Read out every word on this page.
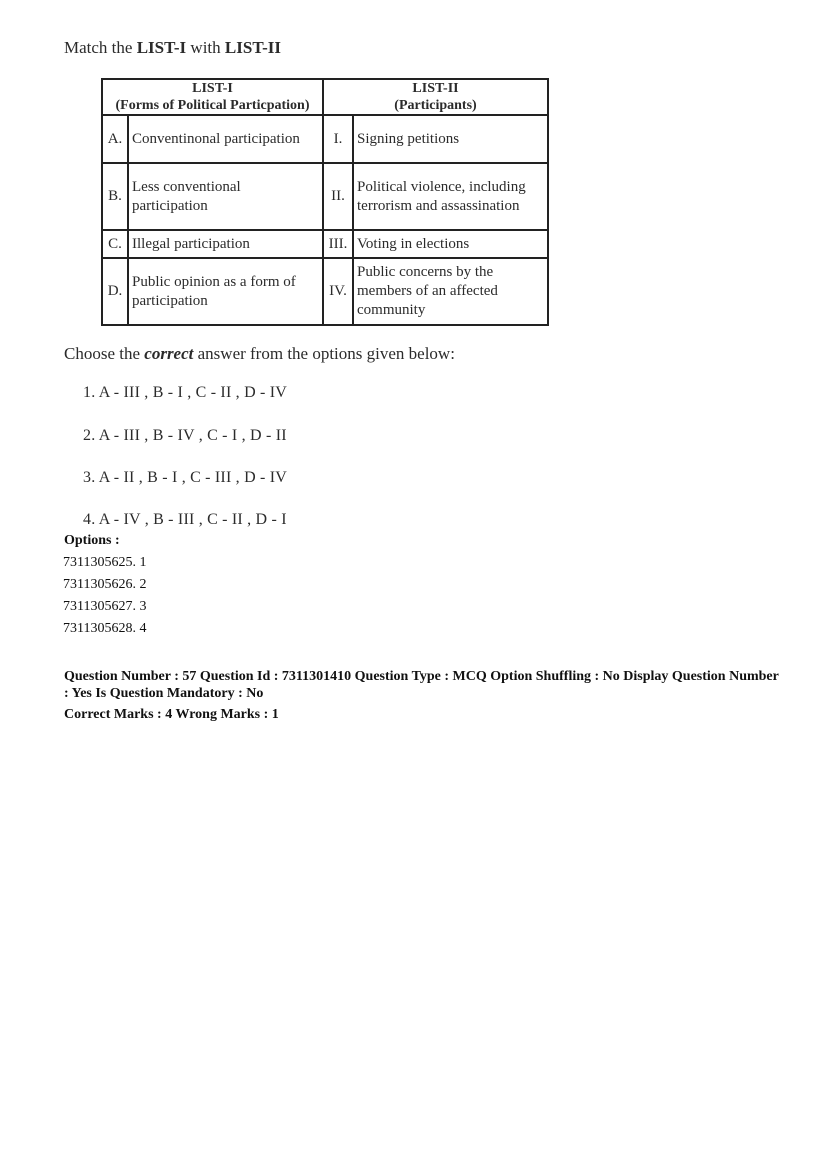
Match the LIST-I with LIST-II
LIST-I
(Forms of Political Particpation)		LIST-II
(Participants)	
A.	Conventinonal participation	I.	Signing petitions
B.	Less conventional participation	II.	Political violence, including terrorism and assassination
C.	Illegal participation	III.	Voting in elections
D.	Public opinion as a form of participation	IV.	Public concerns by the members of an affected community
Choose the correct answer from the options given below:
1. A - III , B - I , C - II , D - IV
2. A - III , B - IV , C - I , D - II
3. A - II , B - I , C - III , D - IV
4. A - IV , B - III , C - II , D - I
Options :
7311305625. 1
7311305626. 2
7311305627. 3
7311305628. 4
Question Number : 57 Question Id : 7311301410 Question Type : MCQ Option Shuffling : No Display Question Number : Yes Is Question Mandatory : No
Correct Marks : 4 Wrong Marks : 1
